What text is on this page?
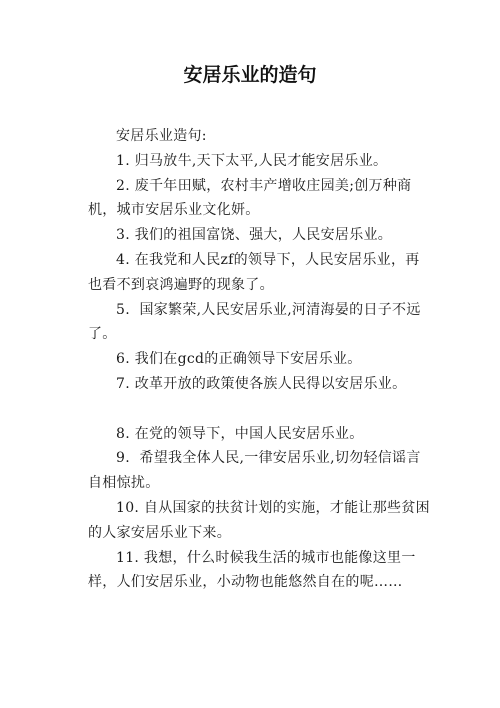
安居乐业的造句

安居乐业造句:

1. 归马放牛,天下太平,人民才能安居乐业。

2. 废千年田赋，农村丰产增收庄园美;创万种商机，城市安居乐业文化妍。

3. 我们的祖国富饶、强大，人民安居乐业。

4. 在我党和人民zf的领导下，人民安居乐业，再也看不到哀鸿遍野的现象了。

5.  国家繁荣,人民安居乐业,河清海晏的日子不远了。

6. 我们在gcd的正确领导下安居乐业。

7. 改革开放的政策使各族人民得以安居乐业。

8. 在党的领导下，中国人民安居乐业。

9.  希望我全体人民,一律安居乐业,切勿轻信谣言自相惊扰。

10. 自从国家的扶贫计划的实施，才能让那些贫困的人家安居乐业下来。

11. 我想，什么时候我生活的城市也能像这里一样，人们安居乐业，小动物也能悠然自在的呢……
